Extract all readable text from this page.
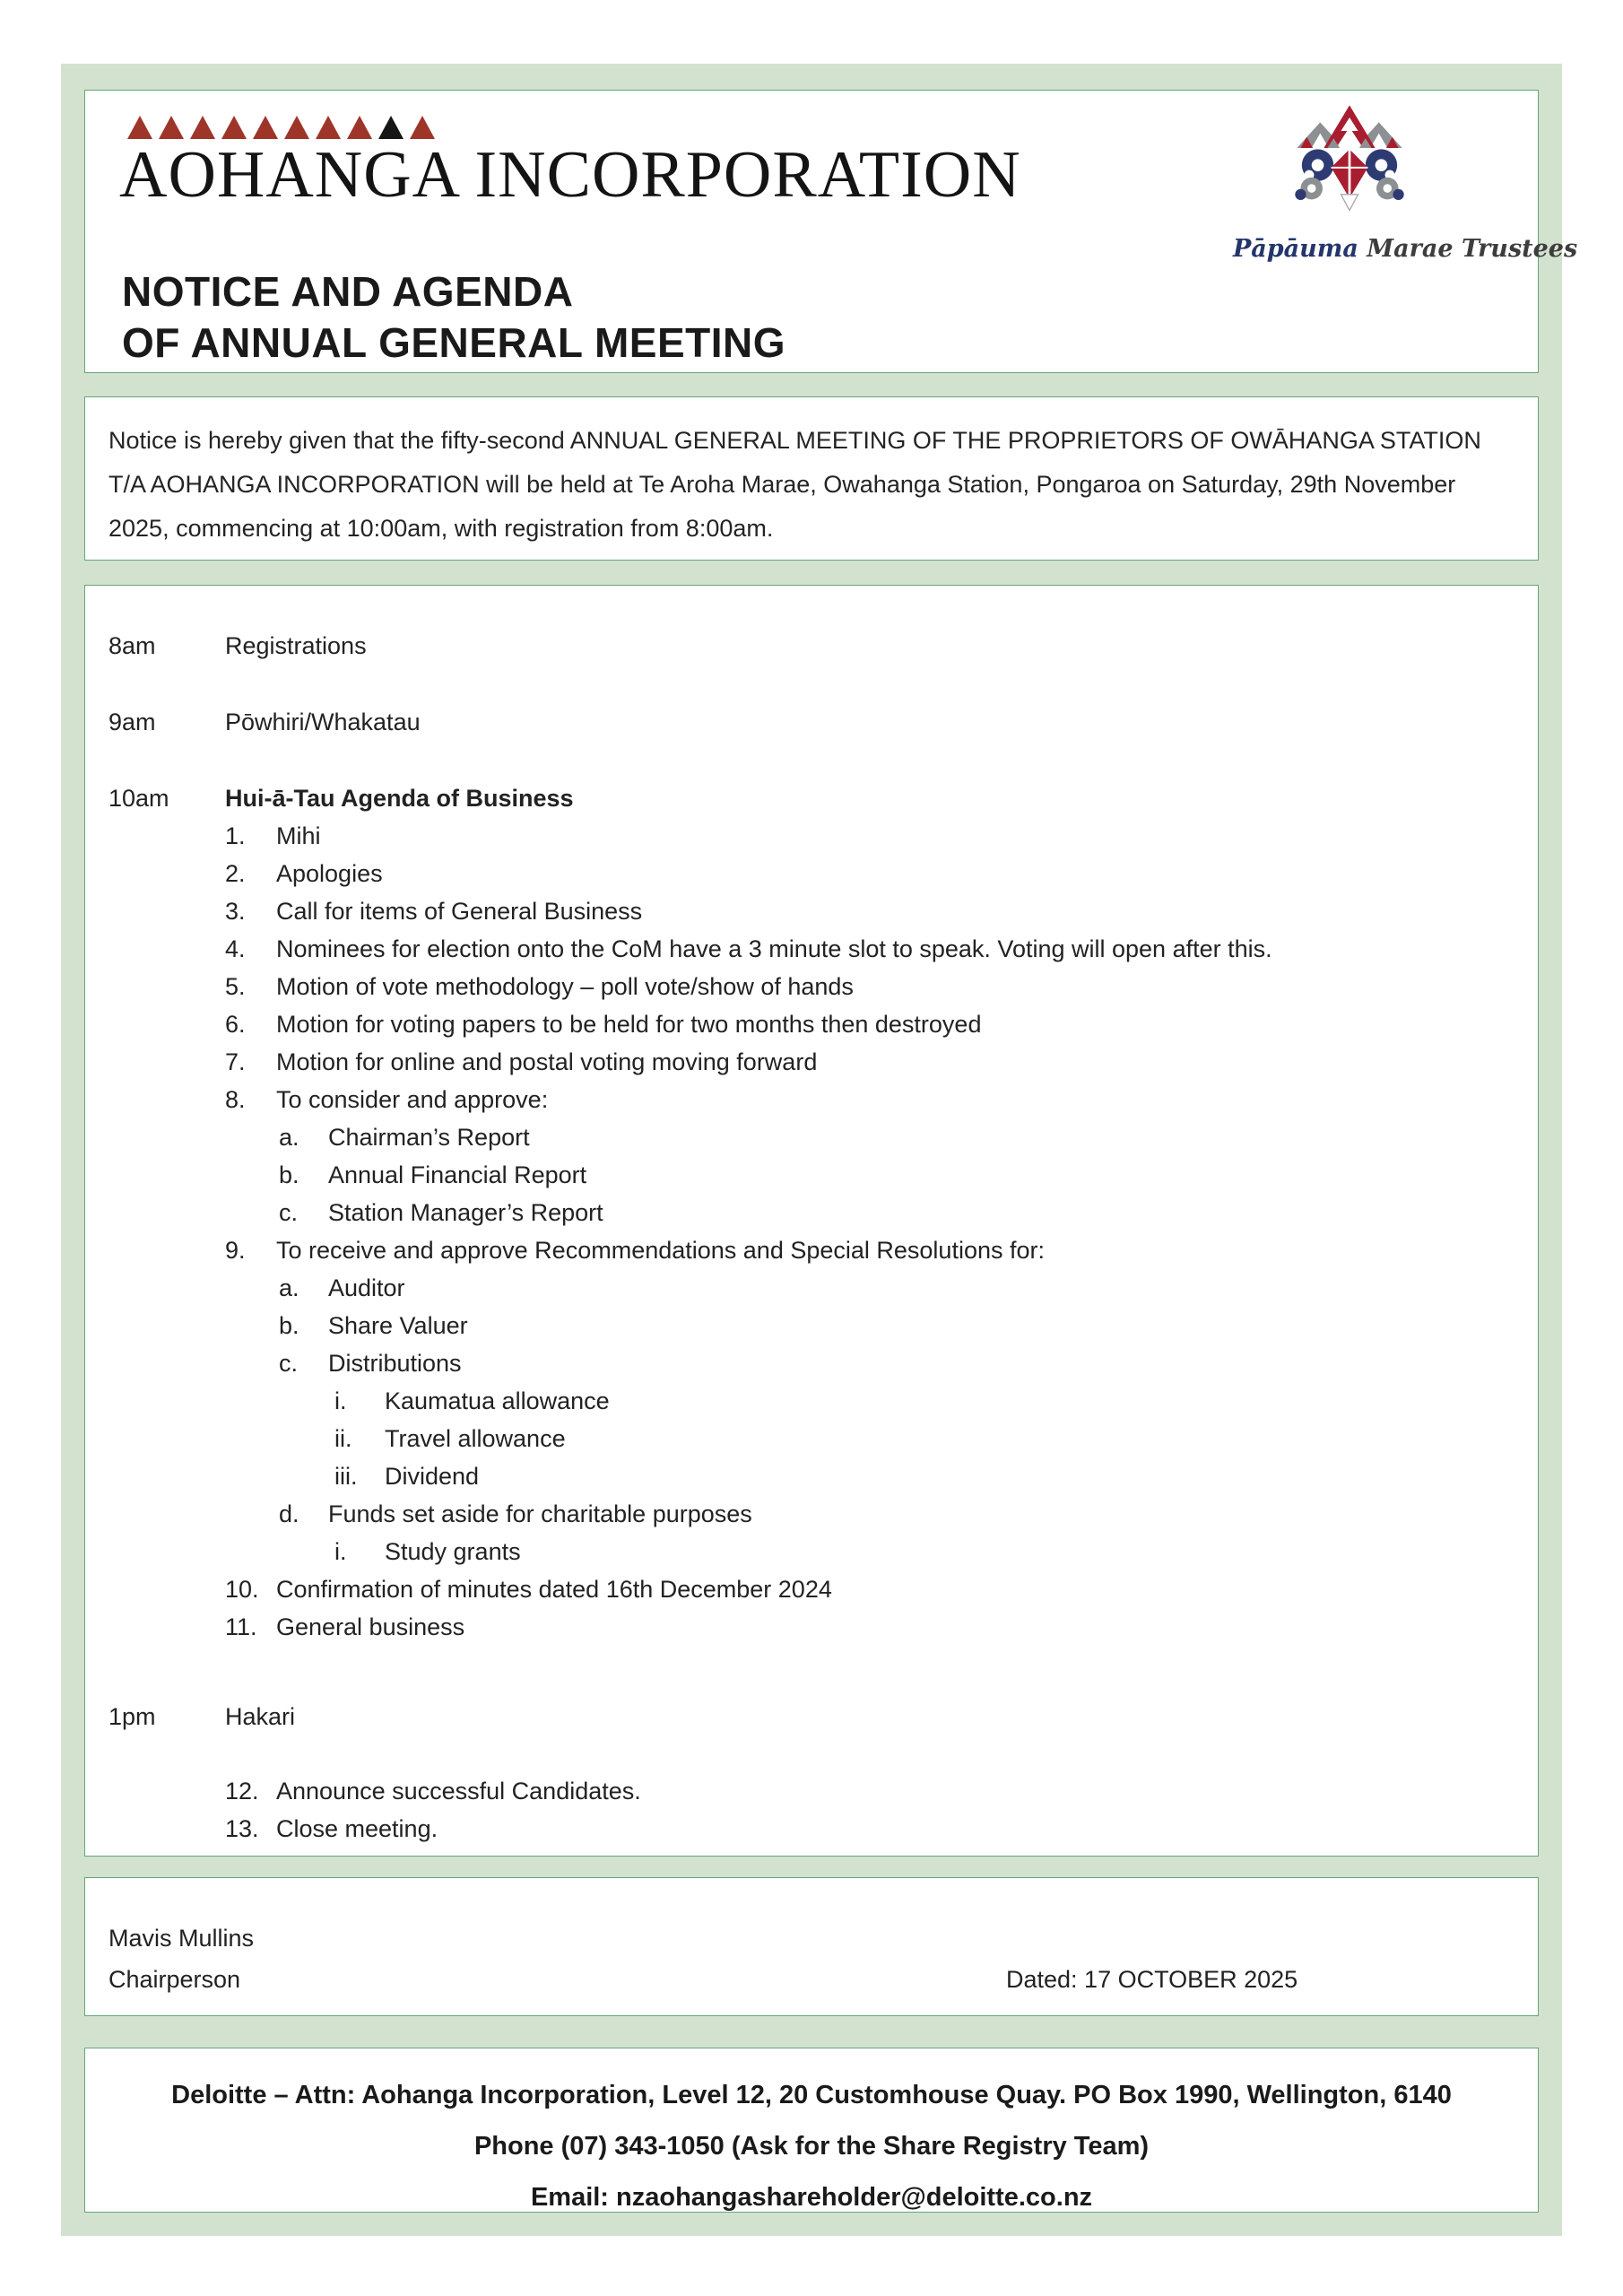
AOHANGA INCORPORATION
NOTICE AND AGENDA
OF ANNUAL GENERAL MEETING
Pāpāuma Marae Trustees
Notice is hereby given that the fifty-second ANNUAL GENERAL MEETING OF THE PROPRIETORS OF OWĀHANGA STATION T/A AOHANGA INCORPORATION will be held at Te Aroha Marae, Owahanga Station, Pongaroa on Saturday, 29th November 2025, commencing at 10:00am, with registration from 8:00am.
8am	Registrations
9am	Pōwhiri/Whakatau
10am	Hui-ā-Tau Agenda of Business
1.	Mihi
2.	Apologies
3.	Call for items of General Business
4.	Nominees for election onto the CoM have a 3 minute slot to speak. Voting will open after this.
5.	Motion of vote methodology – poll vote/show of hands
6.	Motion for voting papers to be held for two months then destroyed
7.	Motion for online and postal voting moving forward
8.	To consider and approve:
a.	Chairman’s Report
b.	Annual Financial Report
c.	Station Manager’s Report
9.	To receive and approve Recommendations and Special Resolutions for:
a.	Auditor
b.	Share Valuer
c.	Distributions
i.	Kaumatua allowance
ii.	Travel allowance
iii.	Dividend
d.	Funds set aside for charitable purposes
i.	Study grants
10. Confirmation of minutes dated 16th December 2024
11. General business
1pm	Hakari
12. Announce successful Candidates.
13. Close meeting.
Mavis Mullins
Chairperson	Dated: 17 OCTOBER 2025
Deloitte – Attn: Aohanga Incorporation, Level 12, 20 Customhouse Quay. PO Box 1990, Wellington, 6140
Phone (07) 343-1050 (Ask for the Share Registry Team)
Email: nzaohangashareholder@deloitte.co.nz
